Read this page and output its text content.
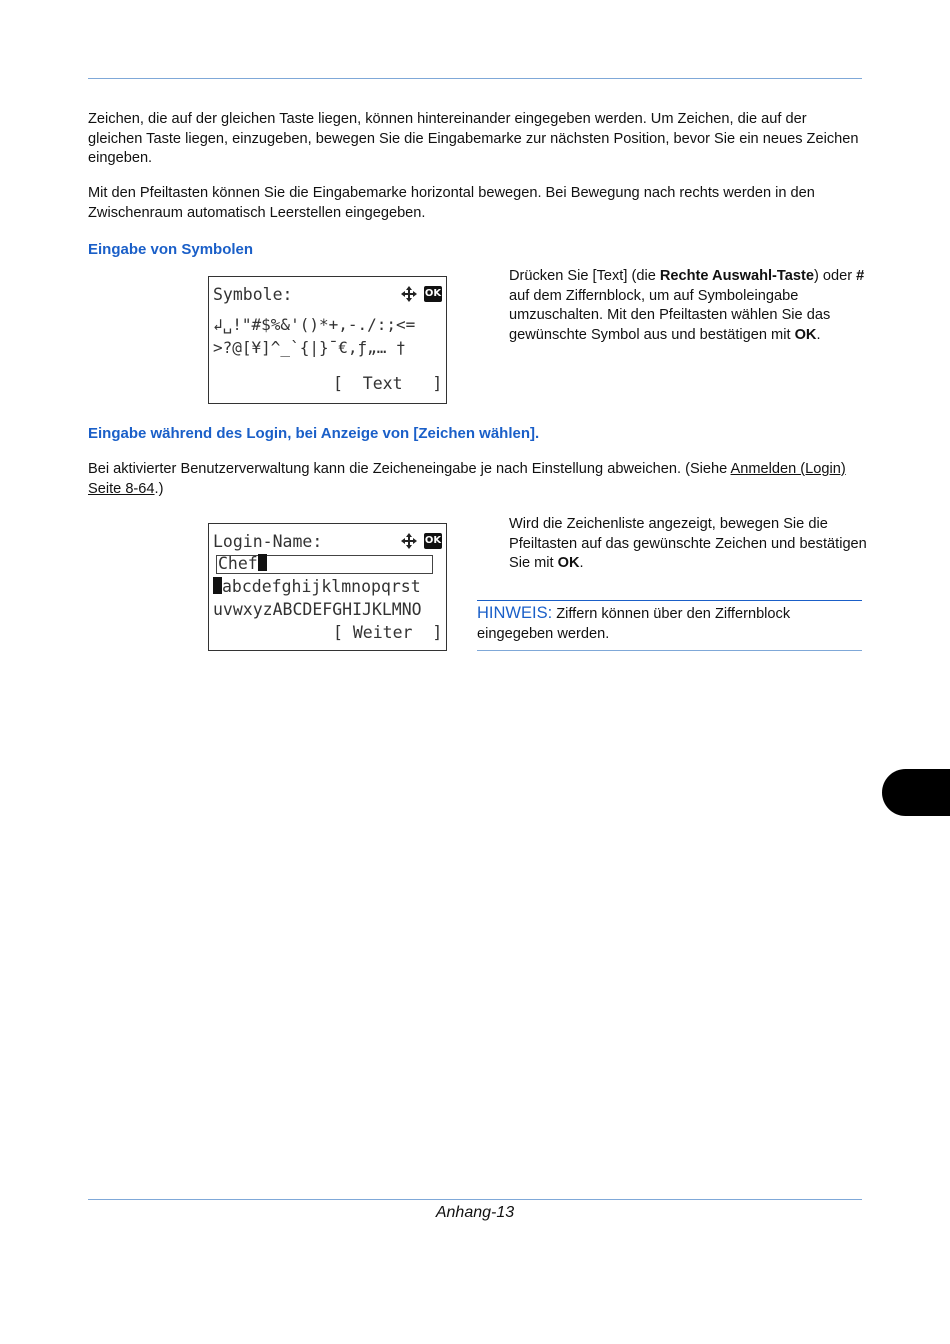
Zeichen, die auf der gleichen Taste liegen, können hintereinander eingegeben werden. Um Zeichen, die auf der gleichen Taste liegen, einzugeben, bewegen Sie die Eingabemarke zur nächsten Position, bevor Sie ein neues Zeichen eingeben.

Mit den Pfeiltasten können Sie die Eingabemarke horizontal bewegen. Bei Bewegung nach rechts werden in den Zwischenraum automatisch Leerstellen eingegeben.

Eingabe von Symbolen
Symbole:	OK
↲␣!"#$%&'()*+,-./:;<=
>?@[¥]^_`{|}¯€,ƒ„… †
[  Text   ]

Drücken Sie [Text] (die Rechte Auswahl-Taste) oder # auf dem Ziffernblock, um auf Symboleingabe umzuschalten. Mit den Pfeiltasten wählen Sie das gewünschte Symbol aus und bestätigen mit OK.

Eingabe während des Login, bei Anzeige von [Zeichen wählen].

Bei aktivierter Benutzerverwaltung kann die Zeicheneingabe je nach Einstellung abweichen. (Siehe Anmelden (Login) Seite 8-64.)

Login-Name:	OK
Chef
abcdefghijklmnopqrst
uvwxyzABCDEFGHIJKLMNO
[ Weiter  ]

Wird die Zeichenliste angezeigt, bewegen Sie die Pfeiltasten auf das gewünschte Zeichen und bestätigen Sie mit OK.

HINWEIS: Ziffern können über den Ziffernblock eingegeben werden.
Anhang-13
